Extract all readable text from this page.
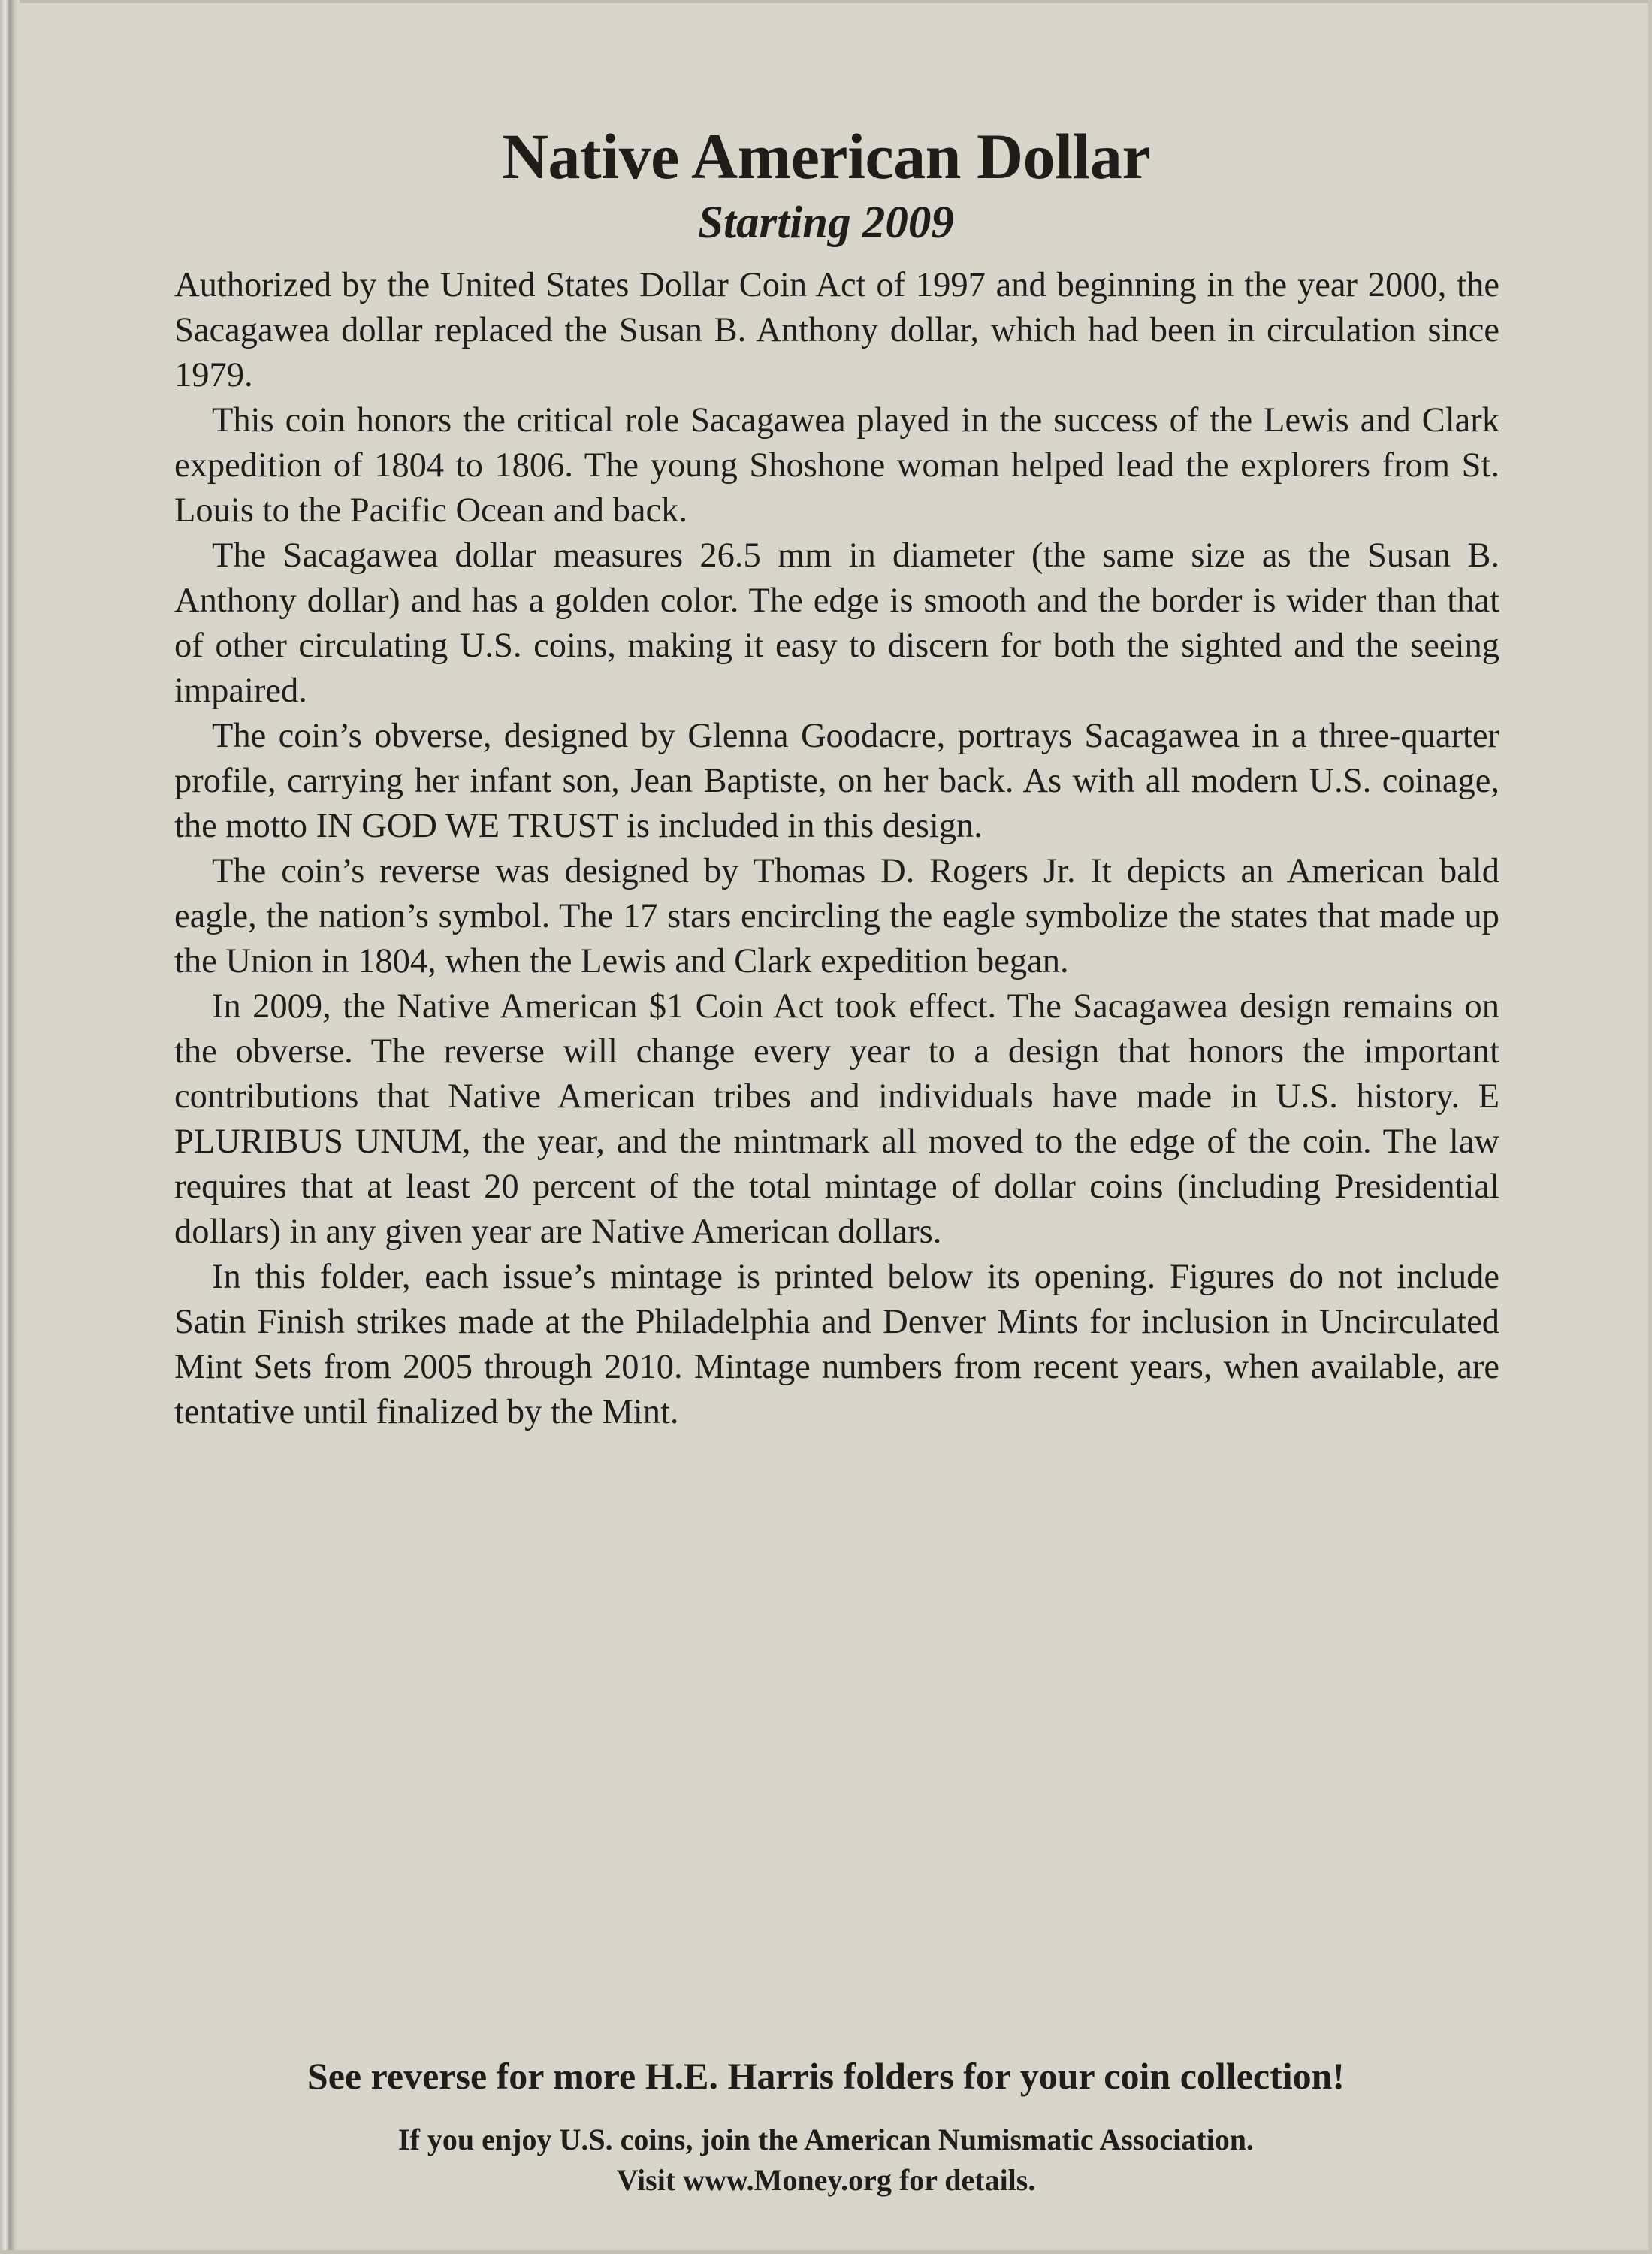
Native American Dollar
Starting 2009

Authorized by the United States Dollar Coin Act of 1997 and beginning in the year 2000, the Sacagawea dollar replaced the Susan B. Anthony dollar, which had been in circulation since 1979.

This coin honors the critical role Sacagawea played in the success of the Lewis and Clark expedition of 1804 to 1806. The young Shoshone woman helped lead the explorers from St. Louis to the Pacific Ocean and back.

The Sacagawea dollar measures 26.5 mm in diameter (the same size as the Susan B. Anthony dollar) and has a golden color. The edge is smooth and the border is wider than that of other circulating U.S. coins, making it easy to discern for both the sighted and the seeing impaired.

The coin’s obverse, designed by Glenna Goodacre, portrays Sacagawea in a three-quarter profile, carrying her infant son, Jean Baptiste, on her back. As with all modern U.S. coinage, the motto IN GOD WE TRUST is included in this design.

The coin’s reverse was designed by Thomas D. Rogers Jr. It depicts an American bald eagle, the nation’s symbol. The 17 stars encircling the eagle symbolize the states that made up the Union in 1804, when the Lewis and Clark expedition began.

In 2009, the Native American $1 Coin Act took effect. The Sacagawea design remains on the obverse. The reverse will change every year to a design that honors the important contributions that Native American tribes and individuals have made in U.S. history. E PLURIBUS UNUM, the year, and the mintmark all moved to the edge of the coin. The law requires that at least 20 percent of the total mintage of dollar coins (including Presidential dollars) in any given year are Native American dollars.

In this folder, each issue’s mintage is printed below its opening. Figures do not include Satin Finish strikes made at the Philadelphia and Denver Mints for inclusion in Uncirculated Mint Sets from 2005 through 2010. Mintage numbers from recent years, when available, are tentative until finalized by the Mint.

See reverse for more H.E. Harris folders for your coin collection!

If you enjoy U.S. coins, join the American Numismatic Association.

Visit www.Money.org for details.
